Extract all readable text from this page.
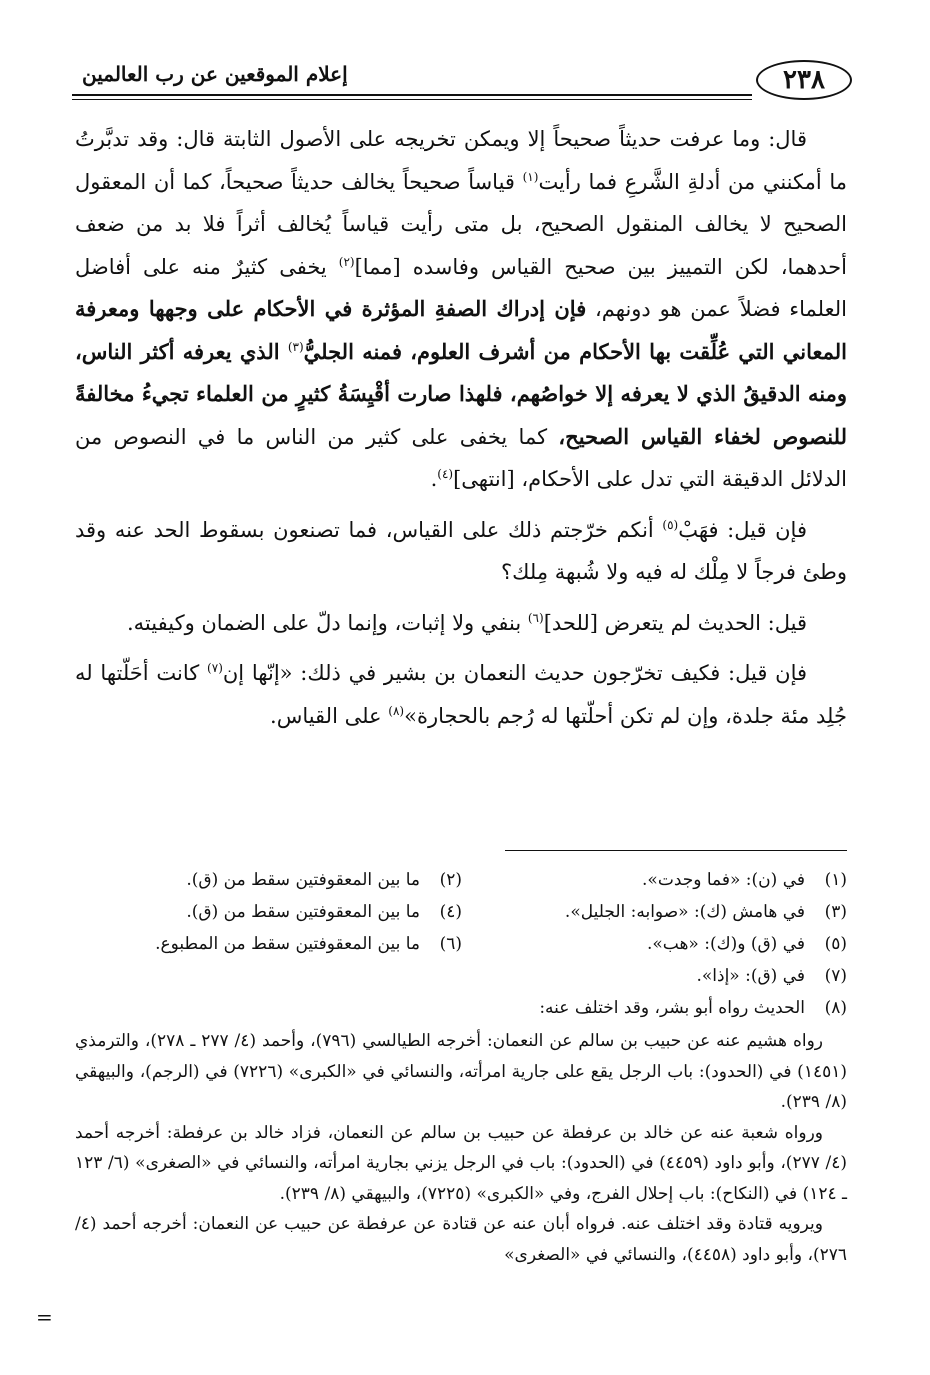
إعلام الموقعين عن رب العالمين	٢٣٨

قال: وما عرفت حديثاً صحيحاً إلا ويمكن تخريجه على الأصول الثابتة قال: وقد تدبَّرتُ ما أمكنني من أدلةِ الشَّرعِ فما رأيت$^{(١)}$ قياساً صحيحاً يخالف حديثاً صحيحاً، كما أن المعقول الصحيح لا يخالف المنقول الصحيح، بل متى رأيت قياساً يُخالف أثراً فلا بد من ضعف أحدهما، لكن التمييز بين صحيح القياس وفاسده [مما]$^{(٢)}$ يخفى كثيرٌ منه على أفاضل العلماء فضلاً عمن هو دونهم، فإن إدراك الصفةِ المؤثرة في الأحكام على وجهها ومعرفة المعاني التي عُلِّقت بها الأحكام من أشرف العلوم، فمنه الجليُّ$^{(٣)}$ الذي يعرفه أكثر الناس، ومنه الدقيقُ الذي لا يعرفه إلا خواصُهم، فلهذا صارت أقْيِسَةُ كثيرٍ من العلماء تجيءُ مخالفةً للنصوص لخفاء القياس الصحيح، كما يخفى على كثير من الناس ما في النصوص من الدلائل الدقيقة التي تدل على الأحكام، [انتهى]$^{(٤)}$.

فإن قيل: فهَبْ$^{(٥)}$ أنكم خرّجتم ذلك على القياس، فما تصنعون بسقوط الحد عنه وقد وطئ فرجاً لا مِلْك له فيه ولا شُبهة مِلك؟

قيل: الحديث لم يتعرض [للحد]$^{(٦)}$ بنفي ولا إثبات، وإنما دلّ على الضمان وكيفيته.

فإن قيل: فكيف تخرّجون حديث النعمان بن بشير في ذلك: «إنّها إن$^{(٧)}$ كانت أحَلّتها له جُلِد مئة جلدة، وإن لم تكن أحلّتها له رُجم بالحجارة»$^{(٨)}$ على القياس.

(١)في (ن): «فما وجدت».
(٢)ما بين المعقوفتين سقط من (ق).
(٣)في هامش (ك): «صوابه: الجليل».
(٤)ما بين المعقوفتين سقط من (ق).
(٥)في (ق) و(ك): «هب».
(٦)ما بين المعقوفتين سقط من المطبوع.
(٧)في (ق): «إذا».
(٨)الحديث رواه أبو بشر، وقد اختلف عنه:

رواه هشيم عنه عن حبيب بن سالم عن النعمان: أخرجه الطيالسي (٧٩٦)، وأحمد (٤/ ٢٧٧ ـ ٢٧٨)، والترمذي (١٤٥١) في (الحدود): باب الرجل يقع على جارية امرأته، والنسائي في «الكبرى» (٧٢٢٦) في (الرجم)، والبيهقي (٨/ ٢٣٩).

ورواه شعبة عنه عن خالد بن عرفطة عن حبيب بن سالم عن النعمان، فزاد خالد بن عرفطة: أخرجه أحمد (٤/ ٢٧٧)، وأبو داود (٤٤٥٩) في (الحدود): باب في الرجل يزني بجارية امرأته، والنسائي في «الصغرى» (٦/ ١٢٣ ـ ١٢٤) في (النكاح): باب إحلال الفرج، وفي «الكبرى» (٧٢٢٥)، والبيهقي (٨/ ٢٣٩).

ويرويه قتادة وقد اختلف عنه. فرواه أبان عنه عن قتادة عن عرفطة عن حبيب عن النعمان: أخرجه أحمد (٤/ ٢٧٦)، وأبو داود (٤٤٥٨)، والنسائي في «الصغرى»

=
